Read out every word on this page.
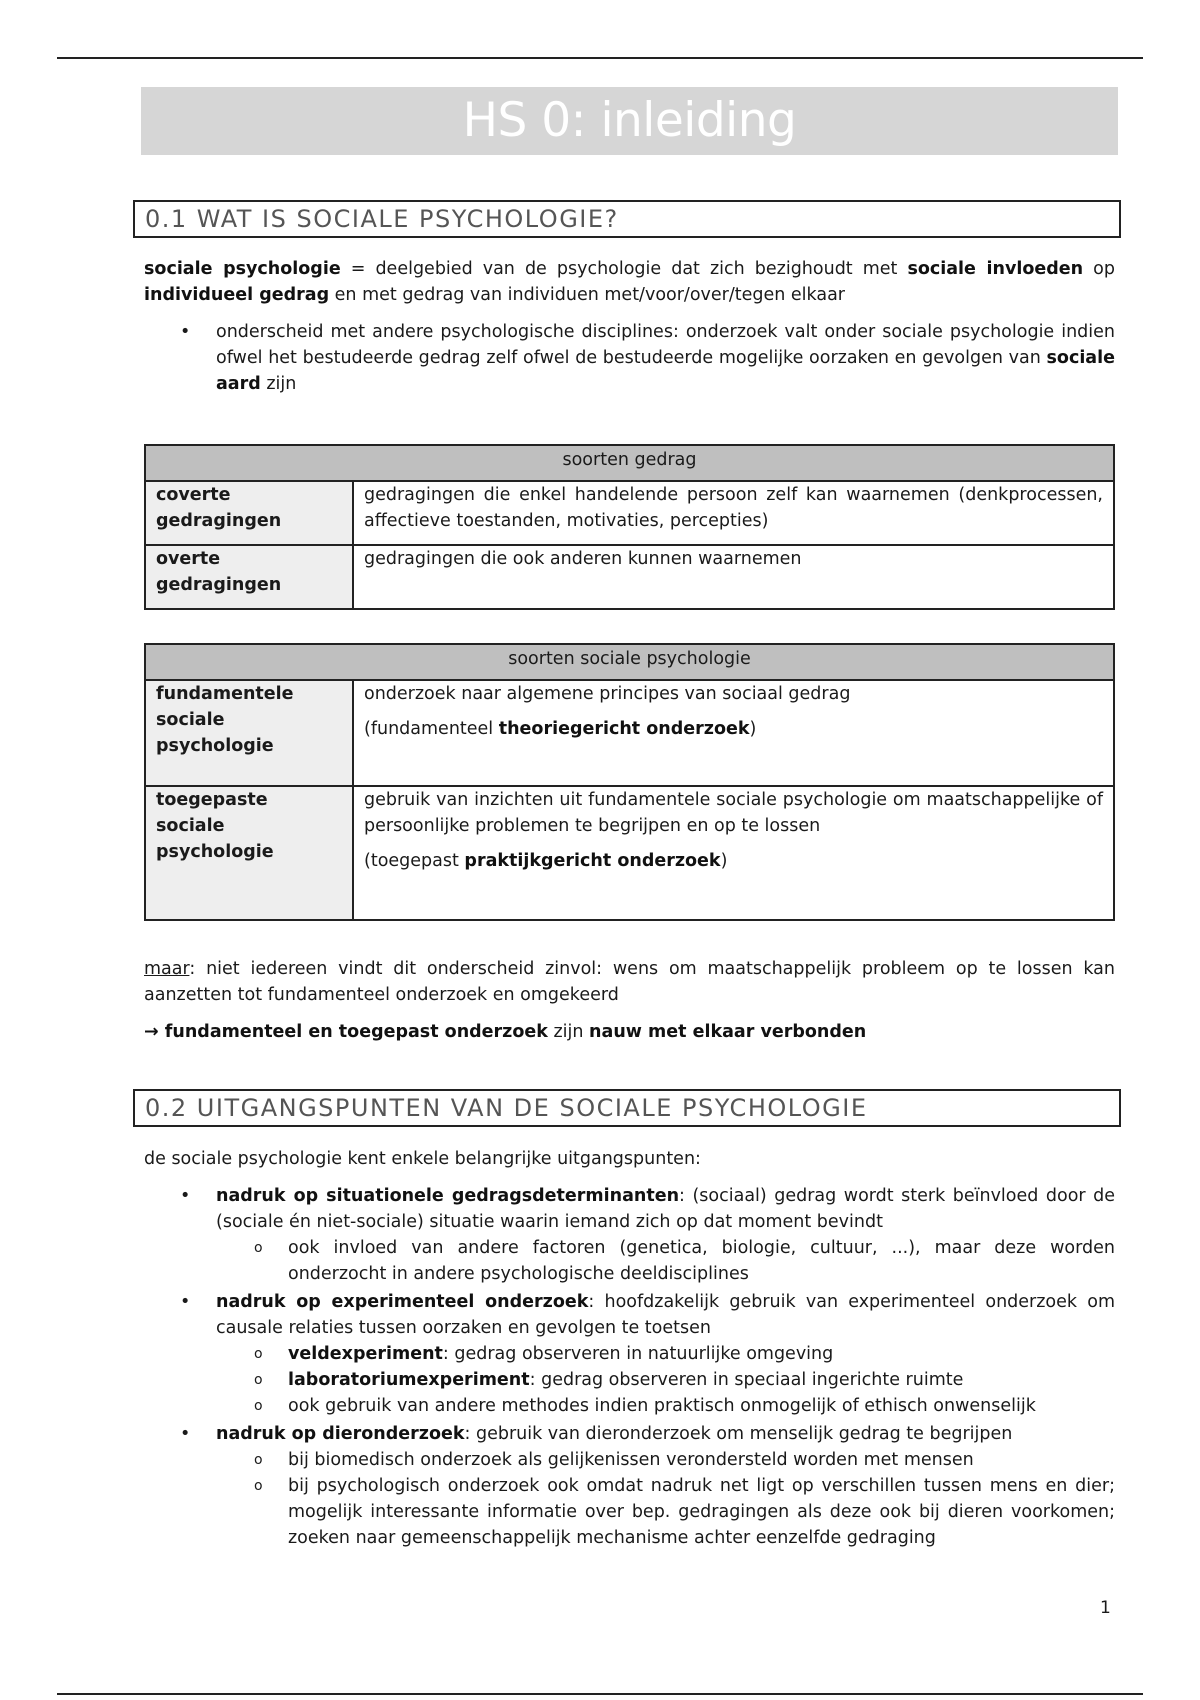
HS 0: inleiding
0.1 WAT IS SOCIALE PSYCHOLOGIE?
sociale psychologie = deelgebied van de psychologie dat zich bezighoudt met sociale invloeden op individueel gedrag en met gedrag van individuen met/voor/over/tegen elkaar
• onderscheid met andere psychologische disciplines: onderzoek valt onder sociale psychologie indien ofwel het bestudeerde gedrag zelf ofwel de bestudeerde mogelijke oorzaken en gevolgen van sociale aard zijn
soorten gedrag	
coverte gedragingen	gedragingen die enkel handelende persoon zelf kan waarnemen (denkprocessen, affectieve toestanden, motivaties, percepties)
overte gedragingen	gedragingen die ook anderen kunnen waarnemen
soorten sociale psychologie	
fundamentele sociale psychologie	onderzoek naar algemene principes van sociaal gedrag
(fundamenteel theoriegericht onderzoek)

toegepaste sociale psychologie	gebruik van inzichten uit fundamentele sociale psychologie om maatschappelijke of persoonlijke problemen te begrijpen en op te lossen
(toegepast praktijkgericht onderzoek)
maar: niet iedereen vindt dit onderscheid zinvol: wens om maatschappelijk probleem op te lossen kan aanzetten tot fundamenteel onderzoek en omgekeerd
→ fundamenteel en toegepast onderzoek zijn nauw met elkaar verbonden
0.2 UITGANGSPUNTEN VAN DE SOCIALE PSYCHOLOGIE
de sociale psychologie kent enkele belangrijke uitgangspunten:
• nadruk op situationele gedragsdeterminanten: (sociaal) gedrag wordt sterk beïnvloed door de (sociale én niet-sociale) situatie waarin iemand zich op dat moment bevindt
o ook invloed van andere factoren (genetica, biologie, cultuur, ...), maar deze worden onderzocht in andere psychologische deeldisciplines
• nadruk op experimenteel onderzoek: hoofdzakelijk gebruik van experimenteel onderzoek om causale relaties tussen oorzaken en gevolgen te toetsen
o veldexperiment: gedrag observeren in natuurlijke omgeving
o laboratoriumexperiment: gedrag observeren in speciaal ingerichte ruimte
o ook gebruik van andere methodes indien praktisch onmogelijk of ethisch onwenselijk
• nadruk op dieronderzoek: gebruik van dieronderzoek om menselijk gedrag te begrijpen
o bij biomedisch onderzoek als gelijkenissen verondersteld worden met mensen
o bij psychologisch onderzoek ook omdat nadruk net ligt op verschillen tussen mens en dier; mogelijk interessante informatie over bep. gedragingen als deze ook bij dieren voorkomen; zoeken naar gemeenschappelijk mechanisme achter eenzelfde gedraging
1
